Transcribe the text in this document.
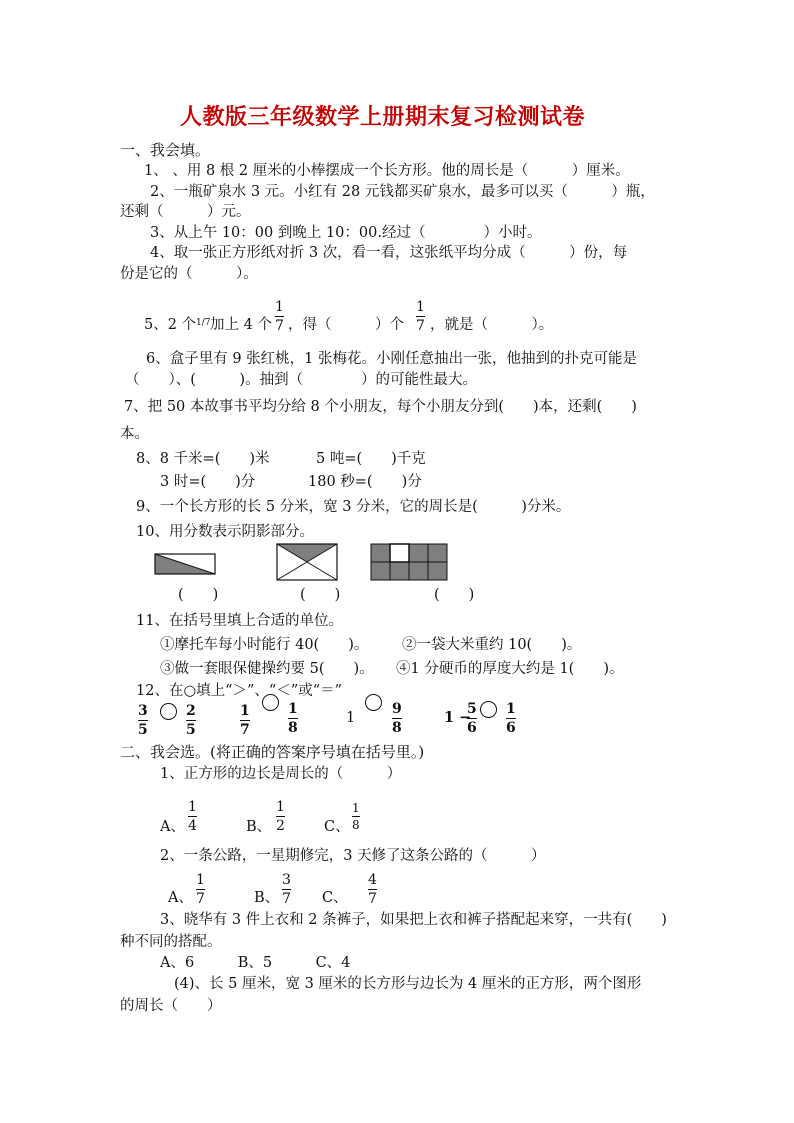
人教版三年级数学上册期末复习检测试卷
一、我会填。
1、 、用 8 根 2 厘米的小棒摆成一个长方形。他的周长是（　　　）厘米。
2、一瓶矿泉水 3 元。小红有 28 元钱都买矿泉水，最多可以买（　　　）瓶，
还剩（　　　）元。
3、从上午 10：00 到晚上 10：00.经过（　　　　）小时。
4、取一张正方形纸对折 3 次，看一看，这张纸平均分成（　　　）份，每
份是它的（　　　）。
5、2 个 1/7 加上 4 个
1
7 ，得（　　　）个
1
7 ，就是（　　　）。
6、盒子里有 9 张红桃，1 张梅花。小刚任意抽出一张，他抽到的扑克可能是
（　　）、(　　　)。抽到（　　　　）的可能性最大。
7、把 50 本故事书平均分给 8 个小朋友，每个小朋友分到(　　)本，还剩(　　)
本。
8、8 千米=(　　)米	5 吨=(　　)千克
3 时=(　　)分	180 秒=(　　)分
9、一个长方形的长 5 分米，宽 3 分米，它的周长是(　　　)分米。
10、用分数表示阴影部分。
(　　)	(　　)	(　　)
11、在括号里填上合适的单位。
①摩托车每小时能行 40(　　)。 ②一袋大米重约 10(　　)。
③做一套眼保健操约要 5(　　)。 ④1 分硬币的厚度大约是 1(　　)。
12、在○填上“＞”、“＜”或“＝”
3
5
2
5
1
7
1
8
1
9
8
1 −
5
6
1
6
二、我会选。(将正确的答案序号填在括号里。)
1、正方形的边长是周长的（　　　）
A、
1
4	B、
1
2	C、
1
8
2、一条公路，一星期修完，3 天修了这条公路的（　　　）
A、
1
7	B、
3
7 C、
4
7
3、晓华有 3 件上衣和 2 条裤子，如果把上衣和裤子搭配起来穿，一共有(　　)
种不同的搭配。
A、6　　　B、5　　　C、4
(4)、长 5 厘米，宽 3 厘米的长方形与边长为 4 厘米的正方形，两个图形
的周长（　　）
